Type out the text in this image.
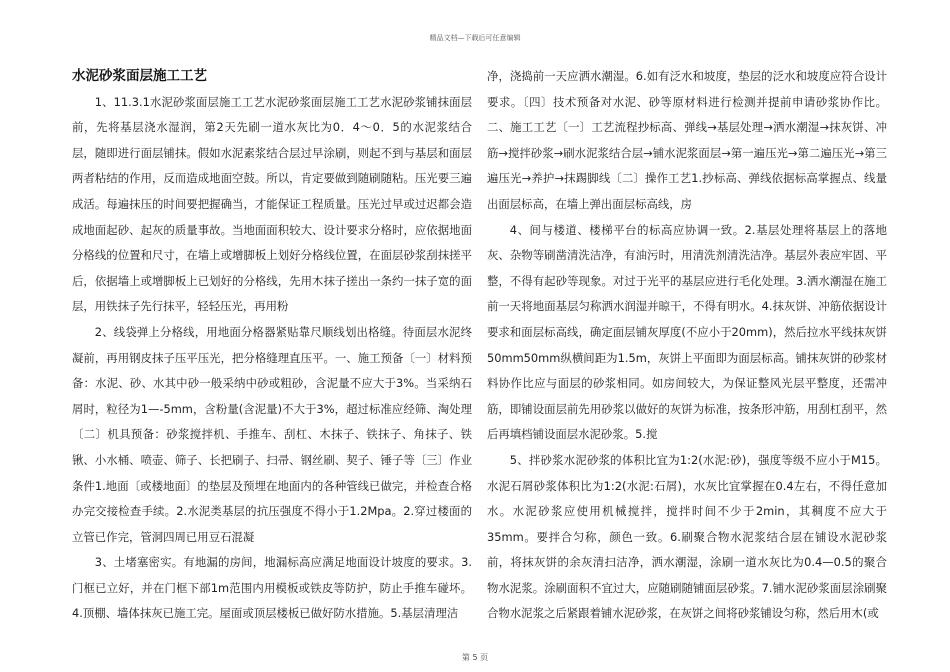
精品文档—下载后可任意编辑

水泥砂浆面层施工工艺

1、11.3.1水泥砂浆面层施工工艺水泥砂浆面层施工工艺水泥砂浆铺抹面层前，先将基层浇水湿润，第2天先刷一道水灰比为0．4～0．5的水泥浆结合层，随即进行面层铺抹。假如水泥素浆结合层过早涂刷，则起不到与基层和面层两者粘结的作用，反而造成地面空鼓。所以，肯定要做到随刷随粘。压光要三遍成活。每遍抹压的时间要把握确当，才能保证工程质量。压光过早或过迟都会造成地面起砂、起灰的质量事故。当地面面积较大、设计要求分格时，应依据地面分格线的位置和尺寸，在墙上或增脚板上划好分格线位置，在面层砂浆刮抹搓平后，依据墙上或增脚板上已划好的分格线，先用木抹子搓出一条约一抹子宽的面层，用铁抹子先行抹平，轻轻压光，再用粉

2、线袋弹上分格线，用地面分格器紧贴靠尺顺线划出格缝。待面层水泥终凝前，再用钢皮抹子压平压光，把分格缝理直压平。一、施工预备〔一〕材料预备：水泥、砂、水其中砂一般采纳中砂或粗砂，含泥量不应大于3%。当采纳石屑时，粒径为1—-5mm，含粉量(含泥量)不大于3%，超过标准应经筛、淘处理〔二〕机具预备：砂浆搅拌机、手推车、刮杠、木抹子、铁抹子、角抹子、铁锹、小水桶、喷壶、筛子、长把刷子、扫帚、钢丝刷、契子、锤子等〔三〕作业条件1.地面〔或楼地面〕的垫层及预埋在地面内的各种管线已做完，并检查合格办完交接检查手续。2.水泥类基层的抗压强度不得小于1.2Mpa。2.穿过楼面的立管已作完，管洞四周已用豆石混凝

3、土堵塞密实。有地漏的房间，地漏标高应满足地面设计坡度的要求。3.门框已立好，并在门框下部1m范围内用模板或铁皮等防护，防止手推车碰坏。4.顶棚、墙体抹灰已施工完。屋面或顶层楼板已做好防水措施。5.基层清理洁

净，浇捣前一天应洒水潮湿。6.如有泛水和坡度，垫层的泛水和坡度应符合设计要求。〔四〕技术预备对水泥、砂等原材料进行检测并提前申请砂浆协作比。二、施工工艺〔一〕工艺流程抄标高、弹线→基层处理→洒水潮湿→抹灰饼、冲筋→搅拌砂浆→刷水泥浆结合层→铺水泥浆面层→第一遍压光→第二遍压光→第三遍压光→养护→抹踢脚线〔二〕操作工艺1.抄标高、弹线依据标高掌握点、线量出面层标高，在墙上弹出面层标高线，房

4、间与楼道、楼梯平台的标高应协调一致。2.基层处理将基层上的落地灰、杂物等刷凿清洗洁净，有油污时，用清洗剂清洗洁净。基层外表应牢固、平整，不得有起砂等现象。对过于光平的基层应进行毛化处理。3.洒水潮湿在施工前一天将地面基层匀称洒水润湿并晾干，不得有明水。4.抹灰饼、冲筋依据设计要求和面层标高线，确定面层铺灰厚度(不应小于20mm)，然后拉水平线抹灰饼50mm50mm纵横间距为1.5m，灰饼上平面即为面层标高。铺抹灰饼的砂浆材料协作比应与面层的砂浆相同。如房间较大，为保证整风光层平整度，还需冲筋，即铺设面层前先用砂浆以做好的灰饼为标准，按条形冲筋，用刮杠刮平，然后再填档铺设面层水泥砂浆。5.搅

5、拌砂浆水泥砂浆的体积比宜为1:2(水泥:砂)，强度等级不应小于M15。水泥石屑砂浆体积比为1:2(水泥:石屑)，水灰比宜掌握在0.4左右，不得任意加水。水泥砂浆应使用机械搅拌，搅拌时间不少于2min，其稠度不应大于35mm。要拌合匀称，颜色一致。6.刷聚合物水泥浆结合层在铺设水泥砂浆前，将抹灰饼的余灰清扫洁净，洒水潮湿，涂刷一道水灰比为0.4—0.5的聚合物水泥浆。涂刷面积不宜过大，应随刷随铺面层砂浆。7.铺水泥砂浆面层涂刷聚合物水泥浆之后紧跟着铺水泥砂浆，在灰饼之间将砂浆铺设匀称，然后用木(或

第 5 页
